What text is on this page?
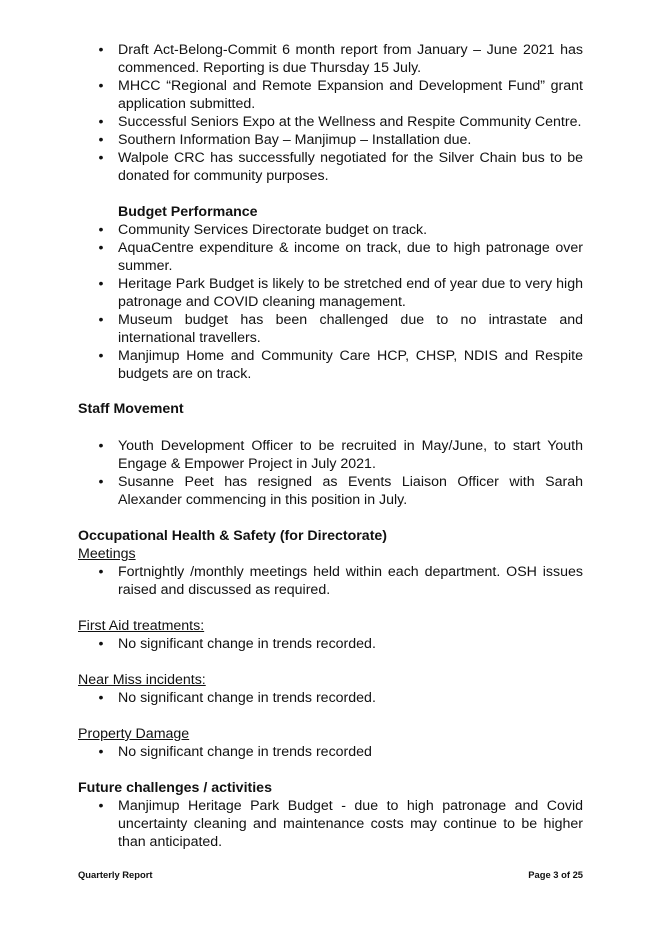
• Draft Act-Belong-Commit 6 month report from January – June 2021 has commenced. Reporting is due Thursday 15 July.
• MHCC “Regional and Remote Expansion and Development Fund” grant application submitted.
• Successful Seniors Expo at the Wellness and Respite Community Centre.
• Southern Information Bay – Manjimup – Installation due.
• Walpole CRC has successfully negotiated for the Silver Chain bus to be donated for community purposes.
Budget Performance
• Community Services Directorate budget on track.
• AquaCentre expenditure & income on track, due to high patronage over summer.
• Heritage Park Budget is likely to be stretched end of year due to very high patronage and COVID cleaning management.
• Museum budget has been challenged due to no intrastate and international travellers.
• Manjimup Home and Community Care HCP, CHSP, NDIS and Respite budgets are on track.
Staff Movement
• Youth Development Officer to be recruited in May/June, to start Youth Engage & Empower Project in July 2021.
• Susanne Peet has resigned as Events Liaison Officer with Sarah Alexander commencing in this position in July.
Occupational Health & Safety (for Directorate)
Meetings
• Fortnightly /monthly meetings held within each department. OSH issues raised and discussed as required.
First Aid treatments:
• No significant change in trends recorded.
Near Miss incidents:
• No significant change in trends recorded.
Property Damage
• No significant change in trends recorded
Future challenges / activities
• Manjimup Heritage Park Budget - due to high patronage and Covid uncertainty cleaning and maintenance costs may continue to be higher than anticipated.
Quarterly Report	Page 3 of 25
